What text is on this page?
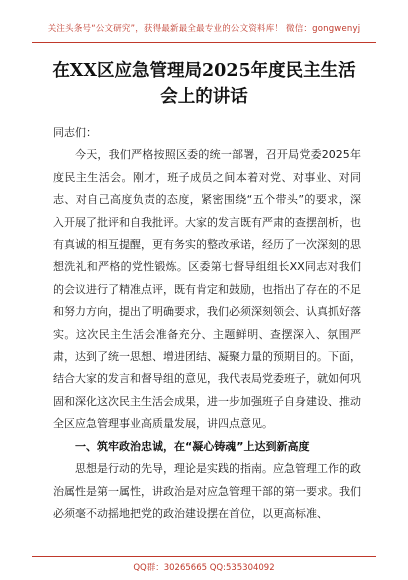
关注头条号“公文研究”，获得最新最全最专业的公文资料库！ 微信：gongwenyj
在XX区应急管理局2025年度民主生活
会上的讲话

同志们：

今天，我们严格按照区委的统一部署，召开局党委2025年度民主生活会。刚才，班子成员之间本着对党、对事业、对同志、对自己高度负责的态度，紧密围绕“五个带头”的要求，深入开展了批评和自我批评。大家的发言既有严肃的查摆剖析，也有真诚的相互提醒，更有务实的整改承诺，经历了一次深刻的思想洗礼和严格的党性锻炼。区委第七督导组组长XX同志对我们的会议进行了精准点评，既有肯定和鼓励，也指出了存在的不足和努力方向，提出了明确要求，我们必须深刻领会、认真抓好落实。这次民主生活会准备充分、主题鲜明、查摆深入、氛围严肃，达到了统一思想、增进团结、凝聚力量的预期目的。下面，结合大家的发言和督导组的意见，我代表局党委班子，就如何巩固和深化这次民主生活会成果，进一步加强班子自身建设、推动全区应急管理事业高质量发展，讲四点意见。

一、筑牢政治忠诚，在“凝心铸魂”上达到新高度

思想是行动的先导，理论是实践的指南。应急管理工作的政治属性是第一属性，讲政治是对应急管理干部的第一要求。我们必须毫不动摇地把党的政治建设摆在首位，以更高标准、

QQ群：30265665 QQ:535304092
